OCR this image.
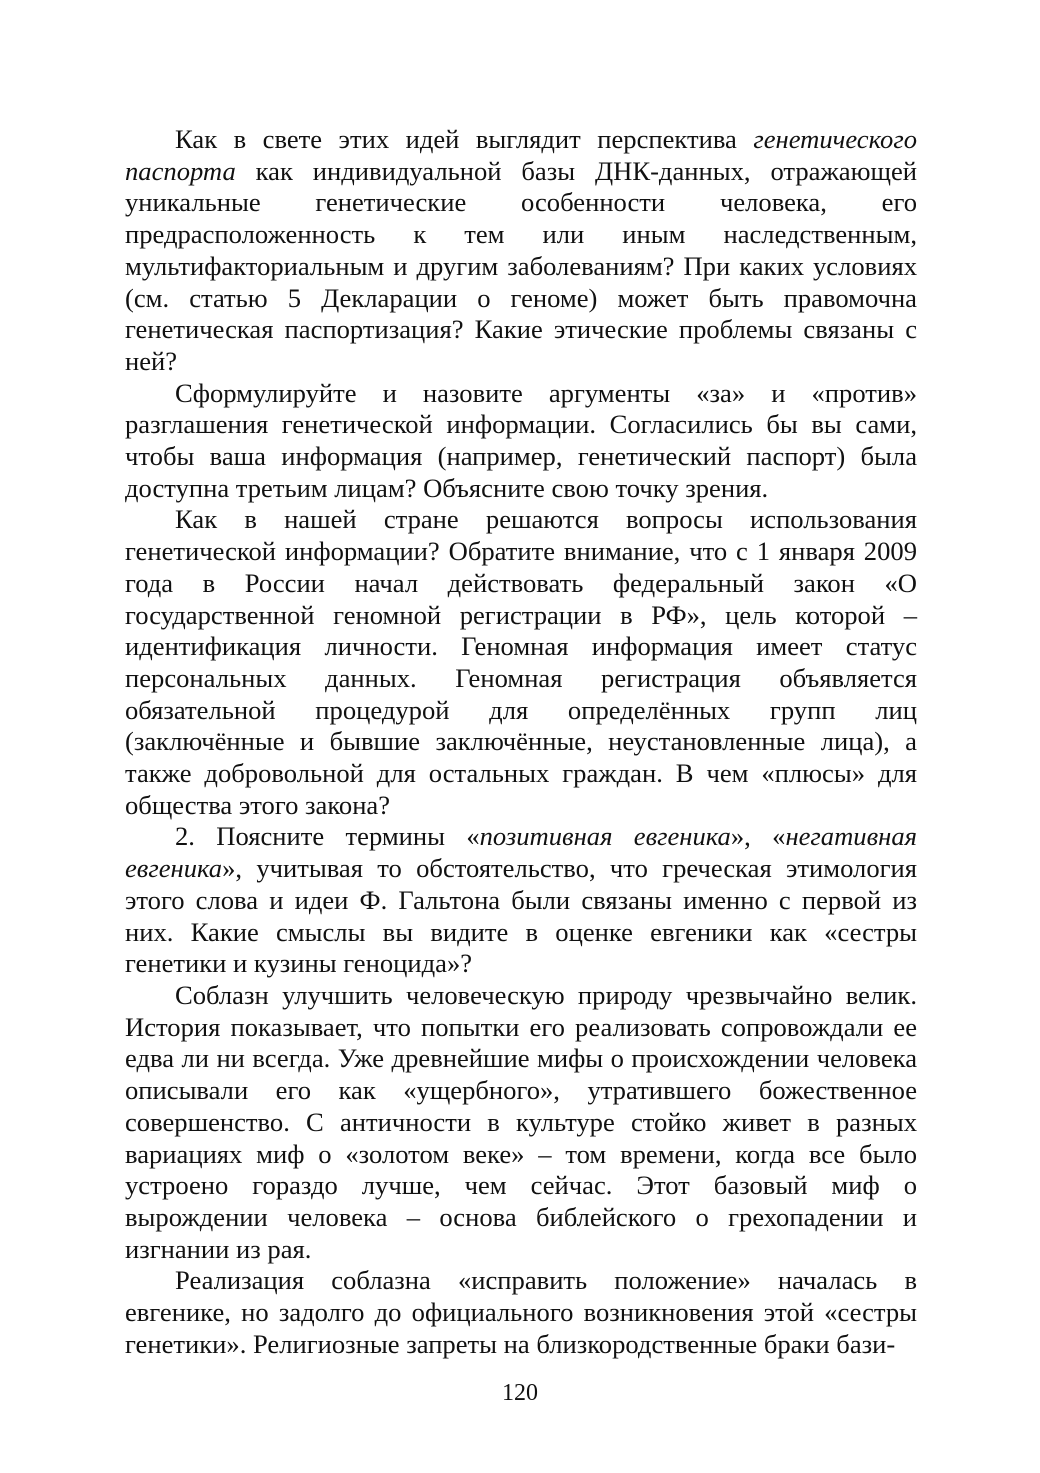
Как в свете этих идей выглядит перспектива генетического паспорта как индивидуальной базы ДНК-данных, отражающей уникальные генетические особенности человека, его предрасположенность к тем или иным наследственным, мультифакториальным и другим заболеваниям? При каких условиях (см. статью 5 Декларации о геноме) может быть правомочна генетическая паспортизация? Какие этические проблемы связаны с ней?

Сформулируйте и назовите аргументы «за» и «против» разглашения генетической информации. Согласились бы вы сами, чтобы ваша информация (например, генетический паспорт) была доступна третьим лицам? Объясните свою точку зрения.

Как в нашей стране решаются вопросы использования генетической информации? Обратите внимание, что с 1 января 2009 года в России начал действовать федеральный закон «О государственной геномной регистрации в РФ», цель которой – идентификация личности. Геномная информация имеет статус персональных данных. Геномная регистрация объявляется обязательной процедурой для определённых групп лиц (заключённые и бывшие заключённые, неустановленные лица), а также добровольной для остальных граждан. В чем «плюсы» для общества этого закона?

2. Поясните термины «позитивная евгеника», «негативная евгеника», учитывая то обстоятельство, что греческая этимология этого слова и идеи Ф. Гальтона были связаны именно с первой из них. Какие смыслы вы видите в оценке евгеники как «сестры генетики и кузины геноцида»?

Соблазн улучшить человеческую природу чрезвычайно велик. История показывает, что попытки его реализовать сопровождали ее едва ли ни всегда. Уже древнейшие мифы о происхождении человека описывали его как «ущербного», утратившего божественное совершенство. С античности в культуре стойко живет в разных вариациях миф о «золотом веке» – том времени, когда все было устроено гораздо лучше, чем сейчас. Этот базовый миф о вырождении человека – основа библейского о грехопадении и изгнании из рая.

Реализация соблазна «исправить положение» началась в евгенике, но задолго до официального возникновения этой «сестры генетики». Религиозные запреты на близкородственные браки бази-

120
